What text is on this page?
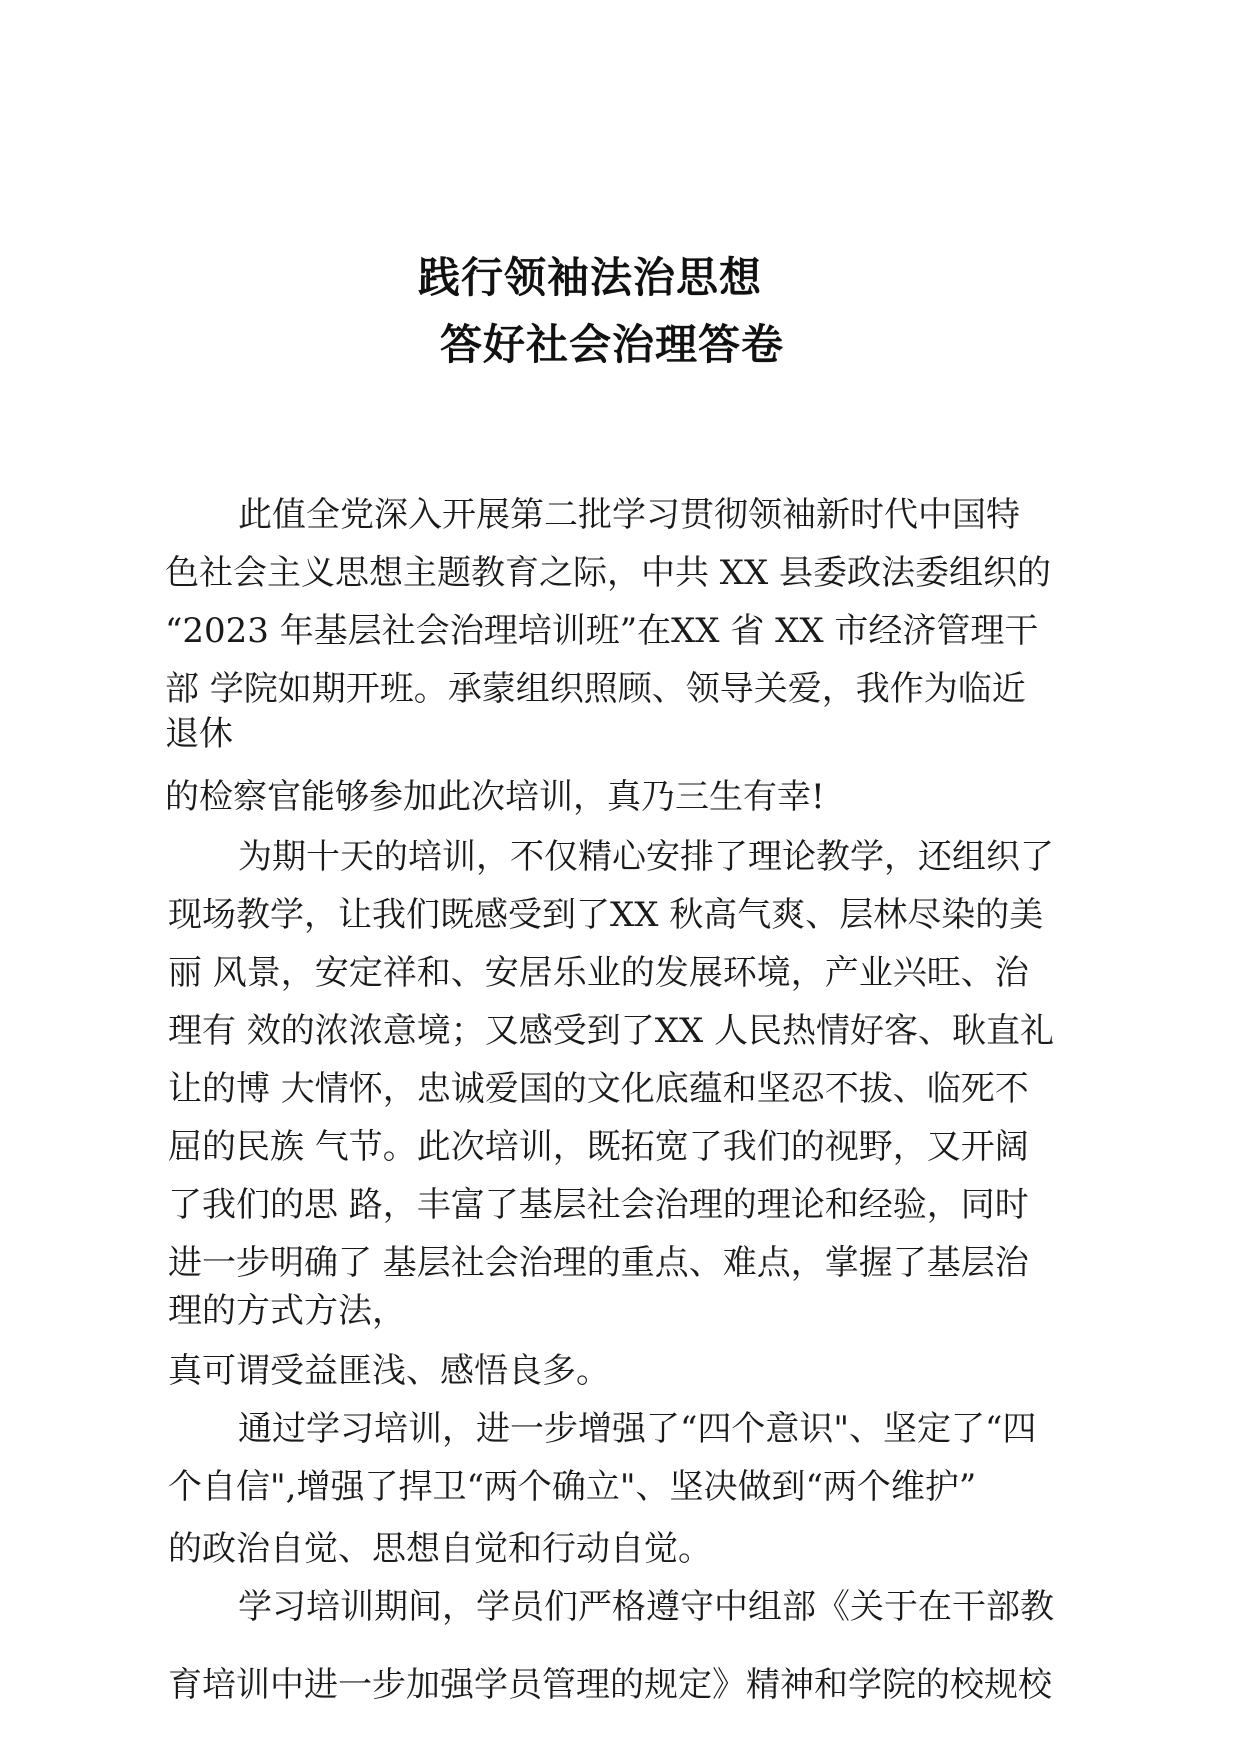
践行领袖法治思想
答好社会治理答卷
此值全党深入开展第二批学习贯彻领袖新时代中国特
色社会主义思想主题教育之际，中共 XX 县委政法委组织的
“2023 年基层社会治理培训班”在XX 省 XX 市经济管理干
部 学院如期开班。承蒙组织照顾、领导关爱，我作为临近
退休
的检察官能够参加此次培训，真乃三生有幸!
为期十天的培训，不仅精心安排了理论教学，还组织了
现场教学，让我们既感受到了XX 秋高气爽、层林尽染的美
丽 风景，安定祥和、安居乐业的发展环境，产业兴旺、治
理有 效的浓浓意境；又感受到了XX 人民热情好客、耿直礼
让的博 大情怀，忠诚爱国的文化底蕴和坚忍不拔、临死不
屈的民族 气节。此次培训，既拓宽了我们的视野，又开阔
了我们的思 路，丰富了基层社会治理的理论和经验，同时
进一步明确了 基层社会治理的重点、难点，掌握了基层治
理的方式方法，
真可谓受益匪浅、感悟良多。
通过学习培训，进一步增强了“四个意识"、坚定了“四
个自信",增强了捍卫“两个确立"、坚决做到“两个维护”
的政治自觉、思想自觉和行动自觉。
学习培训期间，学员们严格遵守中组部《关于在干部教
育培训中进一步加强学员管理的规定》精神和学院的校规校
